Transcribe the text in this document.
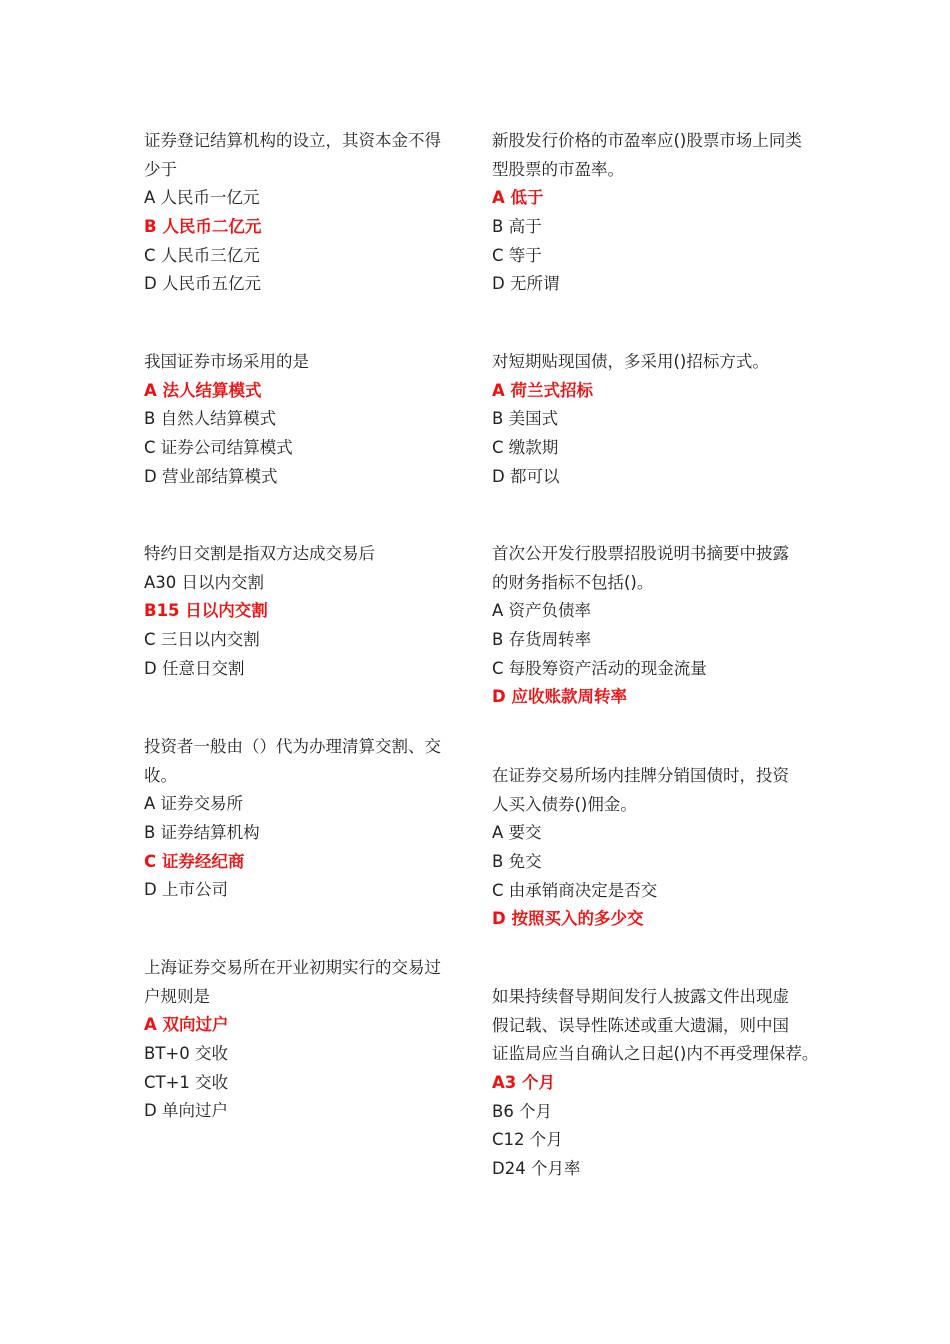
证券登记结算机构的设立，其资本金不得
少于
A 人民币一亿元
B 人民币二亿元
C 人民币三亿元
D 人民币五亿元
新股发行价格的市盈率应()股票市场上同类
型股票的市盈率。
A 低于
B 高于
C 等于
D 无所谓
我国证券市场采用的是
A 法人结算模式
B 自然人结算模式
C 证券公司结算模式
D 营业部结算模式
对短期贴现国债，多采用()招标方式。
A 荷兰式招标
B 美国式
C 缴款期
D 都可以
特约日交割是指双方达成交易后
A30 日以内交割
B15 日以内交割
C 三日以内交割
D 任意日交割
首次公开发行股票招股说明书摘要中披露
的财务指标不包括()。
A 资产负债率
B 存货周转率
C 每股筹资产活动的现金流量
D 应收账款周转率
投资者一般由（）代为办理清算交割、交
收。
A 证券交易所
B 证券结算机构
C 证券经纪商
D 上市公司
在证券交易所场内挂牌分销国债时，投资
人买入债券()佣金。
A 要交
B 免交
C 由承销商决定是否交
D 按照买入的多少交
上海证券交易所在开业初期实行的交易过
户规则是
A 双向过户
BT+0 交收
CT+1 交收
D 单向过户
如果持续督导期间发行人披露文件出现虚
假记载、误导性陈述或重大遗漏，则中国
证监局应当自确认之日起()内不再受理保荐。
A3 个月
B6 个月
C12 个月
D24 个月率
